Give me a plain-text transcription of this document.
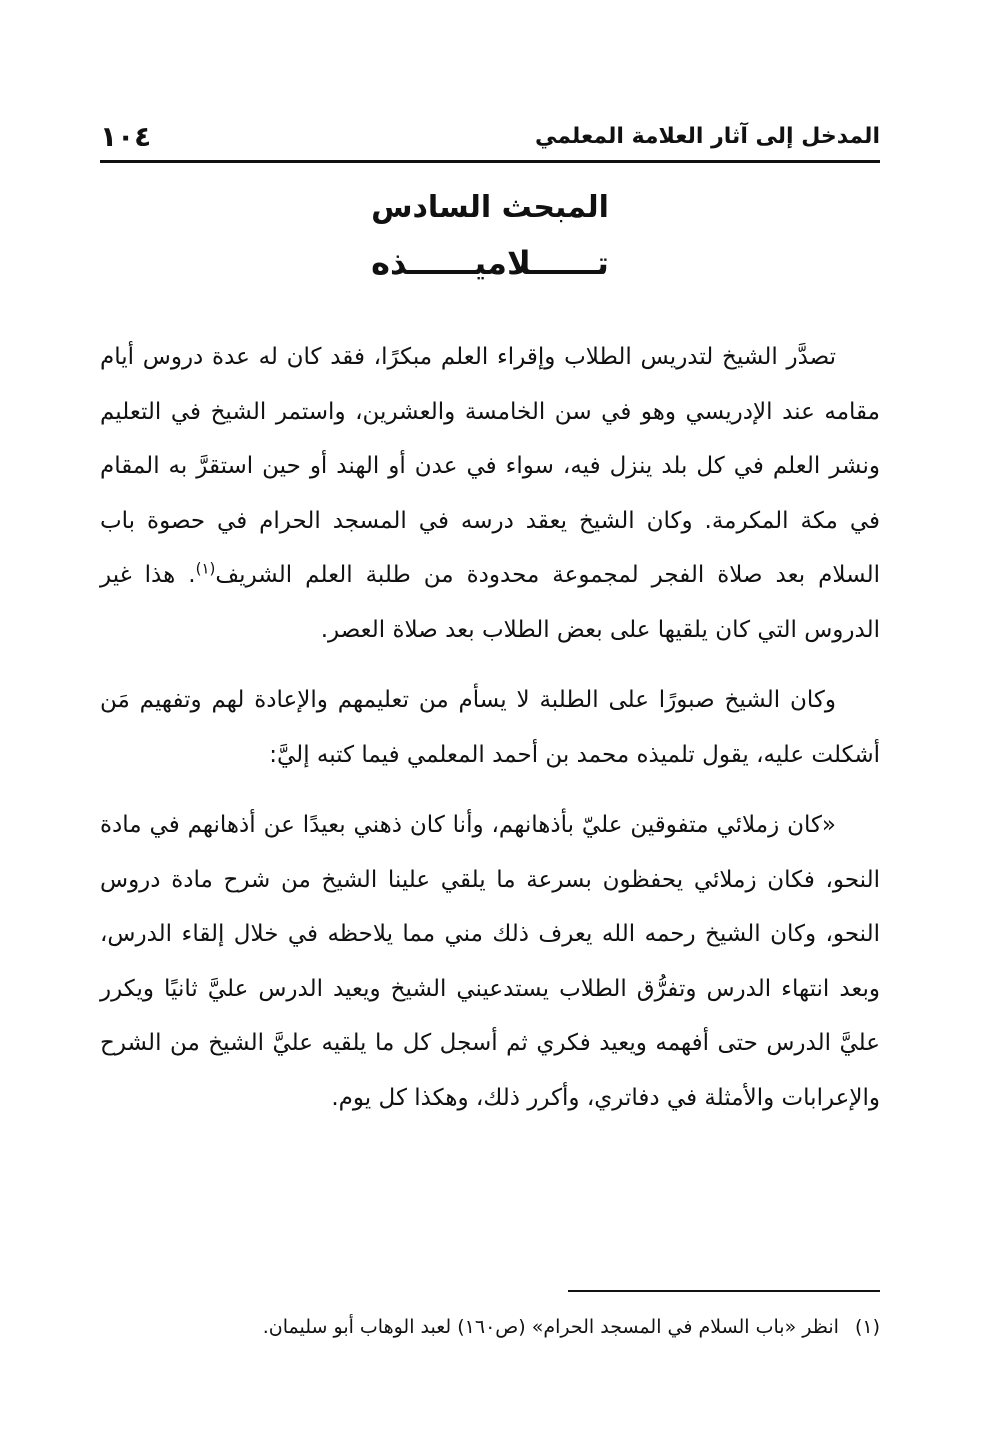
المدخل إلى آثار العلامة المعلمي
١٠٤
المبحث السادس
تــــــلاميــــــذه

تصدَّر الشيخ لتدريس الطلاب وإقراء العلم مبكرًا، فقد كان له عدة دروس أيام مقامه عند الإدريسي وهو في سن الخامسة والعشرين، واستمر الشيخ في التعليم ونشر العلم في كل بلد ينزل فيه، سواء في عدن أو الهند أو حين استقرَّ به المقام في مكة المكرمة. وكان الشيخ يعقد درسه في المسجد الحرام في حصوة باب السلام بعد صلاة الفجر لمجموعة محدودة من طلبة العلم الشريف$^{(١)}$. هذا غير الدروس التي كان يلقيها على بعض الطلاب بعد صلاة العصر.

وكان الشيخ صبورًا على الطلبة لا يسأم من تعليمهم والإعادة لهم وتفهيم مَن أشكلت عليه، يقول تلميذه محمد بن أحمد المعلمي فيما كتبه إليَّ:

«كان زملائي متفوقين عليّ بأذهانهم، وأنا كان ذهني بعيدًا عن أذهانهم في مادة النحو، فكان زملائي يحفظون بسرعة ما يلقي علينا الشيخ من شرح مادة دروس النحو، وكان الشيخ رحمه الله يعرف ذلك مني مما يلاحظه في خلال إلقاء الدرس، وبعد انتهاء الدرس وتفرُّق الطلاب يستدعيني الشيخ ويعيد الدرس عليَّ ثانيًا ويكرر عليَّ الدرس حتى أفهمه ويعيد فكري ثم أسجل كل ما يلقيه عليَّ الشيخ من الشرح والإعرابات والأمثلة في دفاتري، وأكرر ذلك، وهكذا كل يوم.

(١) انظر «باب السلام في المسجد الحرام» (ص١٦٠) لعبد الوهاب أبو سليمان.
